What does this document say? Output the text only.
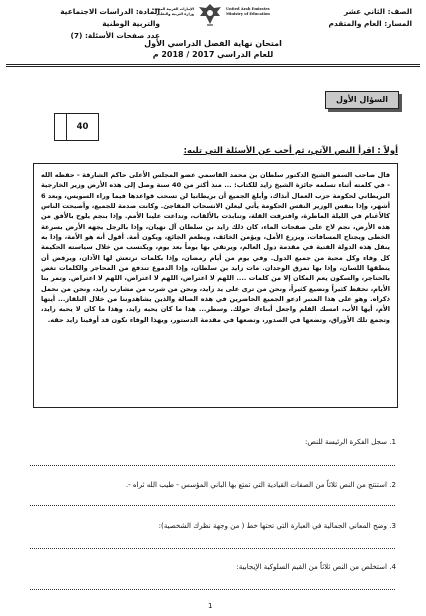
الصف: الثاني عشر
المسار: العام والمتقدم
الإمارات العربية المتحدة
وزارة التربية والتعليم
United Arab Emirates
Ministry of Education
المادة: الدراسات الاجتماعية
والتربية الوطنية
عدد صفحات الأسئلة: (7)
امتحان نهاية الفصل الدراسي الأول
للعام الدراسي 2017 / 2018 م
السؤال الأول
40
أولاً : اقرأ النص الآتي، ثم أجب عن الأسئلة التي تليه:
قال صاحب السمو الشيخ الدكتور سلطان بن محمد القاسمي عضو المجلس الأعلى حاكم الشارقة - حفظه الله - في كلمته أثناء تسلمه جائزة الشيخ زايد للكتاب: ... منذ أكثر من 40 سنة وصل إلى هذه الأرض وزير الخارجية البريطاني لحكومة حزب العمال آنذاك، وأبلغ الجميع أن بريطانيا لن تسحب قواعدها فيما وراء السويس، وبعد 6 أشهر، وإذا بنفس الوزير النفس الحكومة يأتي ليعلن الانسحاب المفاجئ. وكانت صدمة للجميع، وأصبحت الناس كالأغنام في الليلة الماطرة، وافترقت القلة، وتنابذت بالألقاب، وتداعت علينا الأمم. وإذا بنجم يلوح بالأفق من هذه الأرض، نجم لاح على صفحات الماء، كان ذلك زايد بن سلطان آل نهيان، وإذا بالرجل يجهه الأرض بسرعة الخطى ويجتاح المسافات، ويزرع الأمل، ويؤمن الخائف، ويطعم الجائع، ويكون أمة. أقول أنه هو الأمة، وإذا به ينقل هذه الدولة الفتية في مقدمة دول العالم، ويرتقي بها يوماً بعد يوم، ويكتسب من خلال سياسته الحكيمة كل وفاء وكل محبة من جميع الدول. وفي يوم من أيام رمضان، وإذا بكلمات ترتعش لها الآذان، ويرفض أن ينطقها اللسان، وإذا بها تمزق الوجدان. مات زايد بن سلطان، وإذا الدموع تندفع من المحاجر والكلمات تغص بالحناجر، والسكون يعم المكان إلا من كلمات .... اللهم لا اعتراض، اللهم لا اعتراض، اللهم لا اعتراض. وتمر بنا الأيام، نحفظ كثيراً ونضيع كثيراً، ونحن من ترى على يد زايد، ونحن من شرب من مشارب زايد، ونحن من نحمل ذكراه. وهو على هذا المنبر ادعو الجميع الحاضرين في هذه الصالة والذين يشاهدوننا من خلال التلفاز... أيتها الأم، أيها الأب، امسك القلم واجعل أبناءك حولك. وسطر... هذا ما كان يحبه زايد، وهذا ما كان لا يحبه زايد، وتجمع تلك الأوراق، وتضعها في الصدور، وتضعها في مقدمة الدستور، ويهذا الوفاء نكون قد أوفينا زايد حقه.
1. سجل الفكرة الرئيسة للنص:
2. استنتج من النص ثلاثاً من الصفات القيادية التي تمتع بها الباني المؤسس - طيب الله ثراه -.
3. وضح المعاني الجمالية في العبارة التي تحتها خط ( من وجهة نظرك الشخصية):
4. استخلص من النص ثلاثاً من القيم السلوكية الإيجابية:
1
